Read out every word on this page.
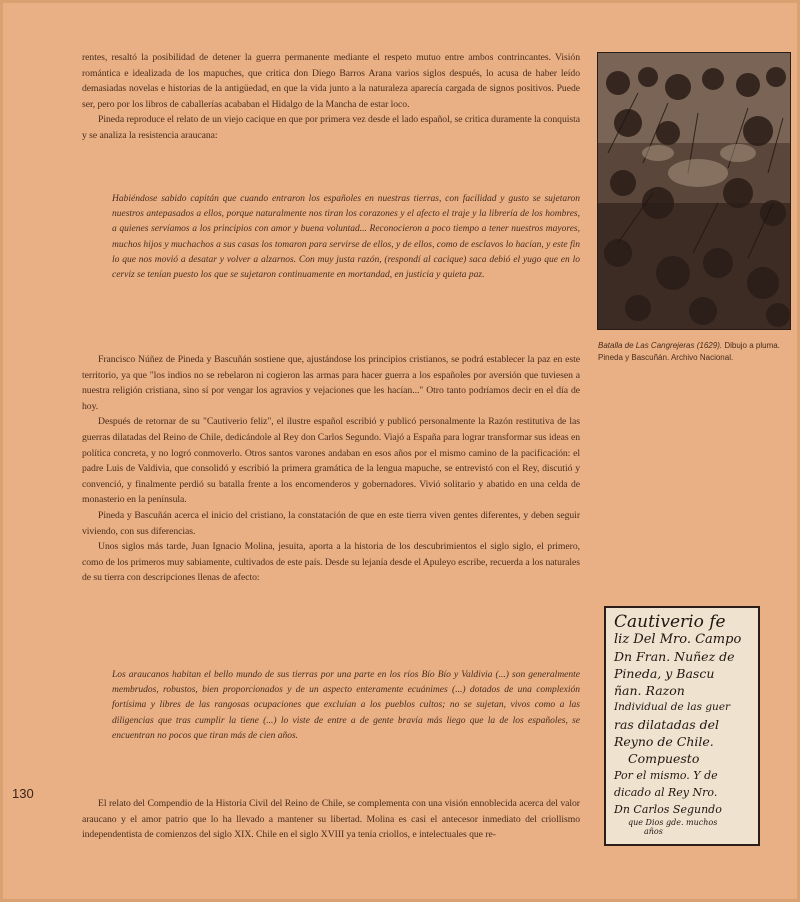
rentes, resaltó la posibilidad de detener la guerra permanente mediante el respeto mutuo entre ambos contrincantes. Visión romántica e idealizada de los mapuches, que critica don Diego Barros Arana varios siglos después, lo acusa de haber leído demasiadas novelas e historias de la antigüedad, en que la vida junto a la naturaleza aparecía cargada de signos positivos. Puede ser, pero por los libros de caballerías acababan el Hidalgo de la Mancha de estar loco.

Pineda reproduce el relato de un viejo cacique en que por primera vez desde el lado español, se critica duramente la conquista y se analiza la resistencia araucana:

Habiéndose sabido capitán que cuando entraron los españoles en nuestras tierras, con facilidad y gusto se sujetaron nuestros antepasados a ellos, porque naturalmente nos tiran los corazones y el afecto el traje y la librería de los hombres, a quienes servíamos a los principios con amor y buena voluntad... Reconocieron a poco tiempo a tener nuestros mayores, muchos hijos y muchachos a sus casas los tomaron para servirse de ellos, y de ellos, como de esclavos lo hacían, y este fin lo que nos movió a desatar y volver a alzarnos. Con muy justa razón, (respondí al cacique) saca debió el yugo que en lo cerviz se tenían puesto los que se sujetaron continuamente en mortandad, en justicia y quieta paz.

Francisco Núñez de Pineda y Bascuñán sostiene que, ajustándose los principios cristianos, se podrá establecer la paz en este territorio, ya que "los indios no se rebelaron ni cogieron las armas para hacer guerra a los españoles por aversión que tuviesen a nuestra religión cristiana, sino sí por vengar los agravios y vejaciones que les hacían..." Otro tanto podríamos decir en el día de hoy.

Después de retornar de su "Cautiverio feliz", el ilustre español escribió y publicó personalmente la Razón restitutiva de las guerras dilatadas del Reino de Chile, dedicándole al Rey don Carlos Segundo. Viajó a España para lograr transformar sus ideas en política concreta, y no logró conmoverlo. Otros santos varones andaban en esos años por el mismo camino de la pacificación: el padre Luis de Valdivia, que consolidó y escribió la primera gramática de la lengua mapuche, se entrevistó con el Rey, discutió y convenció, y finalmente perdió su batalla frente a los encomenderos y gobernadores. Vivió solitario y abatido en una celda de monasterio en la península.

Pineda y Bascuñán acerca el inicio del cristiano, la constatación de que en este tierra viven gentes diferentes, y deben seguir viviendo, con sus diferencias.

Unos siglos más tarde, Juan Ignacio Molina, jesuita, aporta a la historia de los descubrimientos el siglo siglo, el primero, como de los primeros muy sabiamente, cultivados de este país. Desde su lejanía desde el Apuleyo escribe, recuerda a los naturales de su tierra con descripciones llenas de afecto:

Los araucanos habitan el bello mundo de sus tierras por una parte en los ríos Bío Bío y Valdivia (...) son generalmente membrudos, robustos, bien proporcionados y de un aspecto enteramente ecuánimes (...) dotados de una complexión fortísima y libres de las rangosas ocupaciones que excluían a los pueblos cultos; no se sujetan, vivos como a las diligencias que tras cumplir la tiene (...) lo viste de entre a de gente bravía más liego que la de los españoles, se encuentran no pocos que tiran más de cien años.

El relato del Compendio de la Historia Civil del Reino de Chile, se complementa con una visión ennoblecida acerca del valor araucano y el amor patrio que lo ha llevado a mantener su libertad. Molina es casi el antecesor inmediato del criollismo independentista de comienzos del siglo XIX. Chile en el siglo XVIII ya tenía criollos, e intelectuales que re-

Batalla de Las Cangrejeras (1629). Dibujo a pluma. Pineda y Bascuñán. Archivo Nacional.
Cautiverio fe
liz Del Mro. Campo
Dn Fran. Nuñez de
Pineda, y Bascu
ñan. Razon
Individual de las guer
ras dilatadas del
Reyno de Chile.
Compuesto
Por el mismo. Y de
dicado al Rey Nro.
Dn Carlos Segundo
que Dios gde. muchos
años
130
